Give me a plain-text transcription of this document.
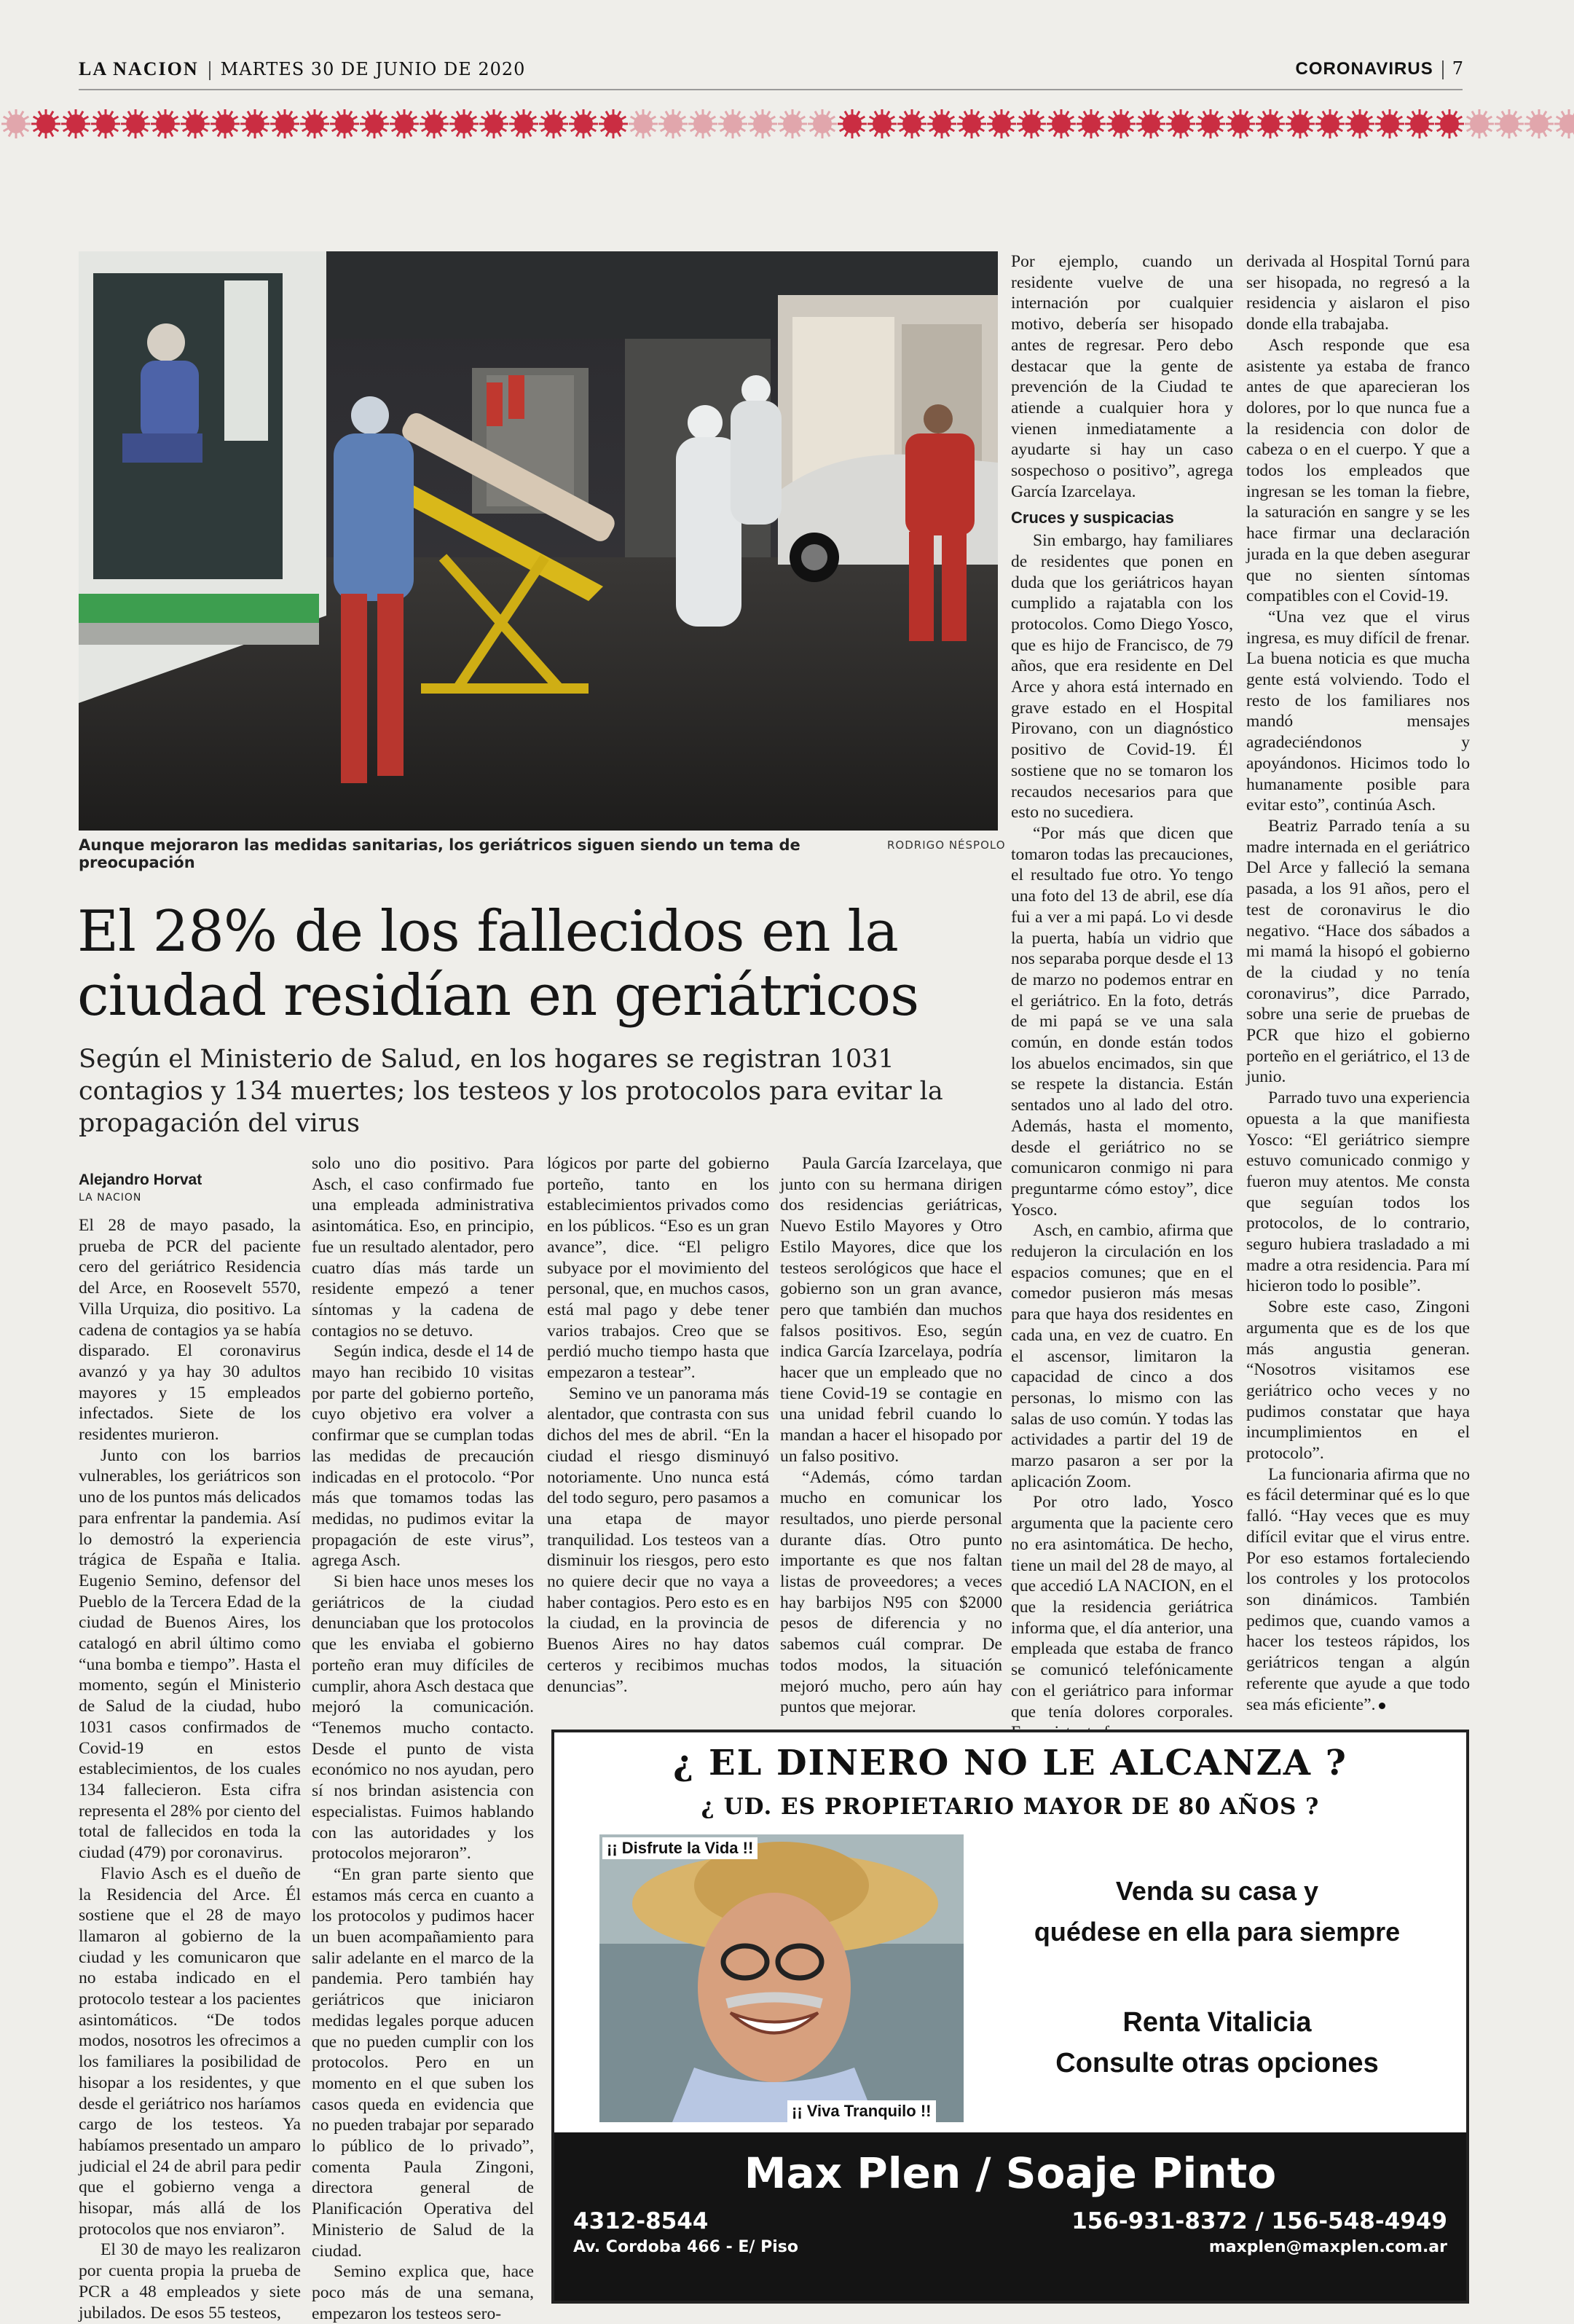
LA NACION MARTES 30 DE JUNIO DE 2020	CORONAVIRUS 7
Aunque mejoraron las medidas sanitarias, los geriátricos siguen siendo un tema de preocupación
RODRIGO NÉSPOLO
El 28% de los fallecidos en la ciudad residían en geriátricos
Según el Ministerio de Salud, en los hogares se registran 1031 contagios y 134 muertes; los testeos y los protocolos para evitar la propagación del virus
Alejandro Horvat
LA NACION

El 28 de mayo pasado, la prueba de PCR del paciente cero del geriátrico Residencia del Arce, en Roosevelt 5570, Villa Urquiza, dio positivo. La cadena de contagios ya se había disparado. El coronavirus avanzó y ya hay 30 adultos mayores y 15 empleados infectados. Siete de los residentes murieron.

Junto con los barrios vulnerables, los geriátricos son uno de los puntos más delicados para enfrentar la pandemia. Así lo demostró la experiencia trágica de España e Italia. Eugenio Semino, defensor del Pueblo de la Tercera Edad de la ciudad de Buenos Aires, los catalogó en abril último como “una bomba e tiempo”. Hasta el momento, según el Ministerio de Salud de la ciudad, hubo 1031 casos confirmados de Covid-19 en estos establecimientos, de los cuales 134 fallecieron. Esta cifra representa el 28% por ciento del total de fallecidos en toda la ciudad (479) por coronavirus.

Flavio Asch es el dueño de la Residencia del Arce. Él sostiene que el 28 de mayo llamaron al gobierno de la ciudad y les comunicaron que no estaba indicado en el protocolo testear a los pacientes asintomáticos. “De todos modos, nosotros les ofrecimos a los familiares la posibilidad de hisopar a los residentes, y que desde el geriátrico nos haríamos cargo de los testeos. Ya habíamos presentado un amparo judicial el 24 de abril para pedir que el gobierno venga a hisopar, más allá de los protocolos que nos enviaron”.

El 30 de mayo les realizaron por cuenta propia la prueba de PCR a 48 empleados y siete jubilados. De esos 55 testeos,

solo uno dio positivo. Para Asch, el caso confirmado fue una empleada administrativa asintomática. Eso, en principio, fue un resultado alentador, pero cuatro días más tarde un residente empezó a tener síntomas y la cadena de contagios no se detuvo.

Según indica, desde el 14 de mayo han recibido 10 visitas por parte del gobierno porteño, cuyo objetivo era volver a confirmar que se cumplan todas las medidas de precaución indicadas en el protocolo. “Por más que tomamos todas las medidas, no pudimos evitar la propagación de este virus”, agrega Asch.

Si bien hace unos meses los geriátricos de la ciudad denunciaban que los protocolos que les enviaba el gobierno porteño eran muy difíciles de cumplir, ahora Asch destaca que mejoró la comunicación. “Tenemos mucho contacto. Desde el punto de vista económico no nos ayudan, pero sí nos brindan asistencia con especialistas. Fuimos hablando con las autoridades y los protocolos mejoraron”.

“En gran parte siento que estamos más cerca en cuanto a los protocolos y pudimos hacer un buen acompañamiento para salir adelante en el marco de la pandemia. Pero también hay geriátricos que iniciaron medidas legales porque aducen que no pueden cumplir con los protocolos. Pero en un momento en el que suben los casos queda en evidencia que no pueden trabajar por separado lo público de lo privado”, comenta Paula Zingoni, directora general de Planificación Operativa del Ministerio de Salud de la ciudad.

Semino explica que, hace poco más de una semana, empezaron los testeos sero-

lógicos por parte del gobierno porteño, tanto en los establecimientos privados como en los públicos. “Eso es un gran avance”, dice. “El peligro subyace por el movimiento del personal, que, en muchos casos, está mal pago y debe tener varios trabajos. Creo que se perdió mucho tiempo hasta que empezaron a testear”.

Semino ve un panorama más alentador, que contrasta con sus dichos del mes de abril. “En la ciudad el riesgo disminuyó notoriamente. Uno nunca está del todo seguro, pero pasamos a una etapa de mayor tranquilidad. Los testeos van a disminuir los riesgos, pero esto no quiere decir que no vaya a haber contagios. Pero esto es en la ciudad, en la provincia de Buenos Aires no hay datos certeros y recibimos muchas denuncias”.

Paula García Izarcelaya, que junto con su hermana dirigen dos residencias geriátricas, Nuevo Estilo Mayores y Otro Estilo Mayores, dice que los testeos serológicos que hace el gobierno son un gran avance, pero que también dan muchos falsos positivos. Eso, según indica García Izarcelaya, podría hacer que un empleado que no tiene Covid-19 se contagie en una unidad febril cuando lo mandan a hacer el hisopado por un falso positivo.

“Además, cómo tardan mucho en comunicar los resultados, uno pierde personal durante días. Otro punto importante es que nos faltan listas de proveedores; a veces hay barbijos N95 con $2000 pesos de diferencia y no sabemos cuál comprar. De todos modos, la situación mejoró mucho, pero aún hay puntos que mejorar.

Por ejemplo, cuando un residente vuelve de una internación por cualquier motivo, debería ser hisopado antes de regresar. Pero debo destacar que la gente de prevención de la Ciudad te atiende a cualquier hora y vienen inmediatamente a ayudarte si hay un caso sospechoso o positivo”, agrega García Izarcelaya.

Cruces y suspicacias

Sin embargo, hay familiares de residentes que ponen en duda que los geriátricos hayan cumplido a rajatabla con los protocolos. Como Diego Yosco, que es hijo de Francisco, de 79 años, que era residente en Del Arce y ahora está internado en grave estado en el Hospital Pirovano, con un diagnóstico positivo de Covid-19. Él sostiene que no se tomaron los recaudos necesarios para que esto no sucediera.

“Por más que dicen que tomaron todas las precauciones, el resultado fue otro. Yo tengo una foto del 13 de abril, ese día fui a ver a mi papá. Lo vi desde la puerta, había un vidrio que nos separaba porque desde el 13 de marzo no podemos entrar en el geriátrico. En la foto, detrás de mi papá se ve una sala común, en donde están todos los abuelos encimados, sin que se respete la distancia. Están sentados uno al lado del otro. Además, hasta el momento, desde el geriátrico no se comunicaron conmigo ni para preguntarme cómo estoy”, dice Yosco.

Asch, en cambio, afirma que redujeron la circulación en los espacios comunes; que en el comedor pusieron más mesas para que haya dos residentes en cada una, en vez de cuatro. En el ascensor, limitaron la capacidad de cinco a dos personas, lo mismo con las salas de uso común. Y todas las actividades a partir del 19 de marzo pasaron a ser por la aplicación Zoom.

Por otro lado, Yosco argumenta que la paciente cero no era asintomática. De hecho, tiene un mail del 28 de mayo, al que accedió LA NACION, en el que la residencia geriátrica informa que, el día anterior, una empleada que estaba de franco se comunicó telefónicamente con el geriátrico para informar que tenía dolores corporales.

derivada al Hospital Tornú para ser hisopada, no regresó a la residencia y aislaron el piso donde ella trabajaba.

Asch responde que esa asistente ya estaba de franco antes de que aparecieran los dolores, por lo que nunca fue a la residencia con dolor de cabeza o en el cuerpo. Y que a todos los empleados que ingresan se les toman la fiebre, la saturación en sangre y se les hace firmar una declaración jurada en la que deben asegurar que no sienten síntomas compatibles con el Covid-19.

“Una vez que el virus ingresa, es muy difícil de frenar. La buena noticia es que mucha gente está volviendo. Todo el resto de los familiares nos mandó mensajes agradeciéndonos y apoyándonos. Hicimos todo lo humanamente posible para evitar esto”, continúa Asch.

Beatriz Parrado tenía a su madre internada en el geriátrico Del Arce y falleció la semana pasada, a los 91 años, pero el test de coronavirus le dio negativo. “Hace dos sábados a mi mamá la hisopó el gobierno de la ciudad y no tenía coronavirus”, dice Parrado, sobre una serie de pruebas de PCR que hizo el gobierno porteño en el geriátrico, el 13 de junio.

Parrado tuvo una experiencia opuesta a la que manifiesta Yosco: “El geriátrico siempre estuvo comunicado conmigo y fueron muy atentos. Me consta que seguían todos los protocolos, de lo contrario, seguro hubiera trasladado a mi madre a otra residencia. Para mí hicieron todo lo posible”.

Sobre este caso, Zingoni argumenta que es de los que más angustia generan. “Nosotros visitamos ese geriátrico ocho veces y no pudimos constatar que haya incumplimientos en el protocolo”.

La funcionaria afirma que no es fácil determinar qué es lo que falló. “Hay veces que es muy difícil evitar que el virus entre. Por eso estamos fortaleciendo los controles y los protocolos son dinámicos. También pedimos que, cuando vamos a hacer los testeos rápidos, los geriátricos tengan a algún referente que ayude a que todo sea más eficiente”.

¿ EL DINERO NO LE ALCANZA ?
¿ UD. ES PROPIETARIO MAYOR DE 80 AÑOS ?
¡¡ Disfrute la Vida !!
¡¡ Viva Tranquilo !!
Venda su casa y
quédese en ella para siempre
Renta Vitalicia
Consulte otras opciones
Max Plen / Soaje Pinto
4312-8544
Av. Cordoba 466 - E/ Piso
156-931-8372 / 156-548-4949
maxplen@maxplen.com.ar
